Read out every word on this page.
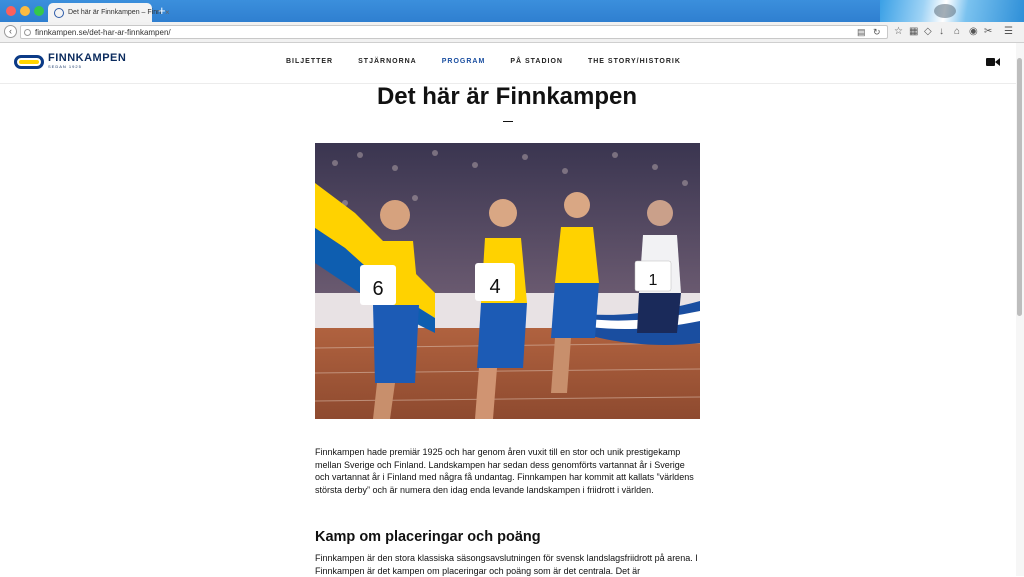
Det här är Finnkampen – Finn ×
+
‹	finnkampen.se/det-har-ar-finnkampen/	▤ ↻ ☆ ▦ ◇ ↓ ⌂ ◉ ✂ ☰
FINNKAMPEN
SEDAN 1925
BILJETTER	STJÄRNORNA	PROGRAM	PÅ STADION	THE STORY/HISTORIK
Det här är Finnkampen
6	4	1

Finnkampen hade premiär 1925 och har genom åren vuxit till en stor och unik prestigekamp mellan Sverige och Finland. Landskampen har sedan dess genomförts vartannat år i Sverige och vartannat år i Finland med några få undantag. Finnkampen har kommit att kallats ”världens största derby” och är numera den idag enda levande landskampen i friidrott i världen.

Kamp om placeringar och poäng

Finnkampen är den stora klassiska säsongsavslutningen för svensk landslagsfriidrott på arena. I Finnkampen är det kampen om placeringar och poäng som är det centrala. Det är
